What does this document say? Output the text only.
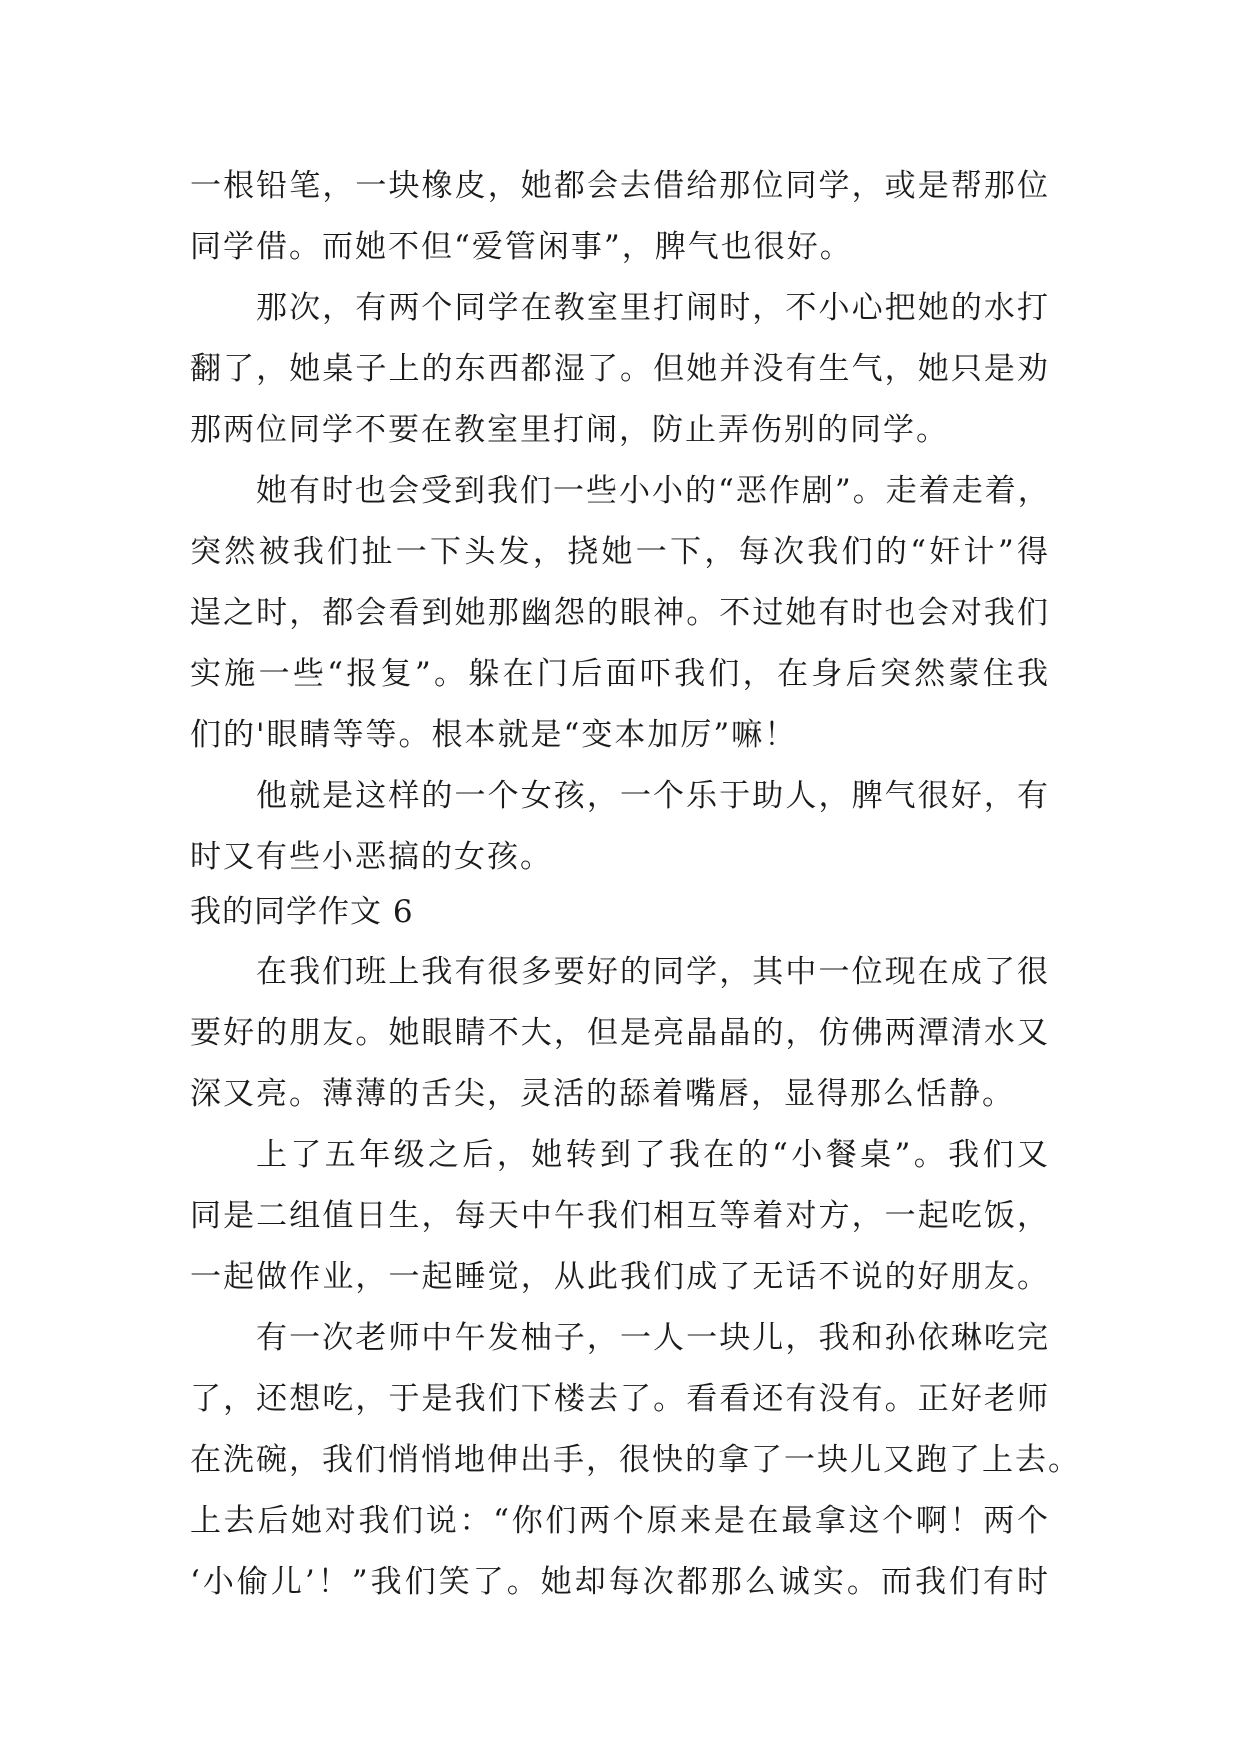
一根铅笔，一块橡皮，她都会去借给那位同学，或是帮那位
同学借。而她不但“爱管闲事”，脾气也很好。
那次，有两个同学在教室里打闹时，不小心把她的水打
翻了，她桌子上的东西都湿了。但她并没有生气，她只是劝
那两位同学不要在教室里打闹，防止弄伤别的同学。
她有时也会受到我们一些小小的“恶作剧”。走着走着，
突然被我们扯一下头发，挠她一下，每次我们的“奸计”得
逞之时，都会看到她那幽怨的眼神。不过她有时也会对我们
实施一些“报复”。躲在门后面吓我们，在身后突然蒙住我
们的'眼睛等等。根本就是“变本加厉”嘛！
他就是这样的一个女孩，一个乐于助人，脾气很好，有
时又有些小恶搞的女孩。
我的同学作文 6
在我们班上我有很多要好的同学，其中一位现在成了很
要好的朋友。她眼睛不大，但是亮晶晶的，仿佛两潭清水又
深又亮。薄薄的舌尖，灵活的舔着嘴唇，显得那么恬静。
上了五年级之后，她转到了我在的“小餐桌”。我们又
同是二组值日生，每天中午我们相互等着对方，一起吃饭，
一起做作业，一起睡觉，从此我们成了无话不说的好朋友。
有一次老师中午发柚子，一人一块儿，我和孙依琳吃完
了，还想吃，于是我们下楼去了。看看还有没有。正好老师
在洗碗，我们悄悄地伸出手，很快的拿了一块儿又跑了上去。
上去后她对我们说：“你们两个原来是在最拿这个啊！两个
‘小偷儿’！”我们笑了。她却每次都那么诚实。而我们有时
